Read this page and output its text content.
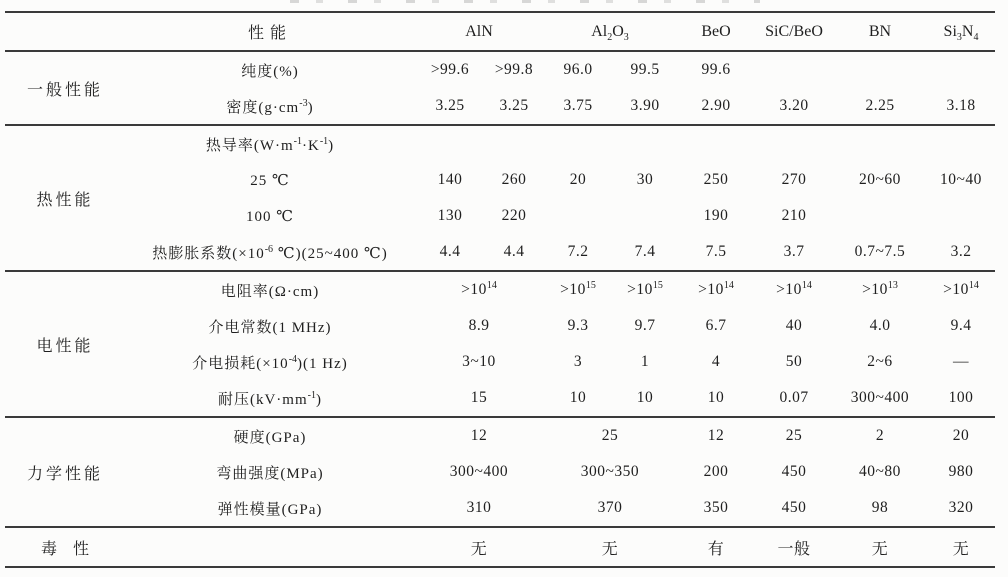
	性能	AlN		$Al_2O_3$		BeO	SiC/BeO	BN	$Si_3N_4$
一般性能	纯度(%)	>99.6	>99.8	96.0	99.5	99.6			
	密度$(g\cdot cm^{-3})$	3.25	3.25	3.75	3.90	2.90	3.20	2.25	3.18
热性能	热导率$(W\cdot m^{-1}\cdot K^{-1})$								
	25 ℃	140	260	20	30	250	270	20~60	10~40
	100 ℃	130	220			190	210		
	热膨胀系数($\times 10^{-6}$ ℃)(25~400 ℃)	4.4	4.4	7.2	7.4	7.5	3.7	0.7~7.5	3.2
电性能	电阻率(Ω·cm)	$>10^{14}$		$>10^{15}$	$>10^{15}$	$>10^{14}$	$>10^{14}$	$>10^{13}$	$>10^{14}$
	介电常数(1 MHz)	8.9		9.3	9.7	6.7	40	4.0	9.4
	介电损耗$(\times 10^{-4})(1$ Hz)	3~10		3	1	4	50	2~6	—
	耐压$(kV\cdot mm^{-1})$	15		10	10	10	0.07	300~400	100
力学性能	硬度(GPa)	12		25		12	25	2	20
	弯曲强度(MPa)	300~400		300~350		200	450	40~80	980
	弹性模量(GPa)	310		370		350	450	98	320
毒　性		无		无		有	一般	无	无
